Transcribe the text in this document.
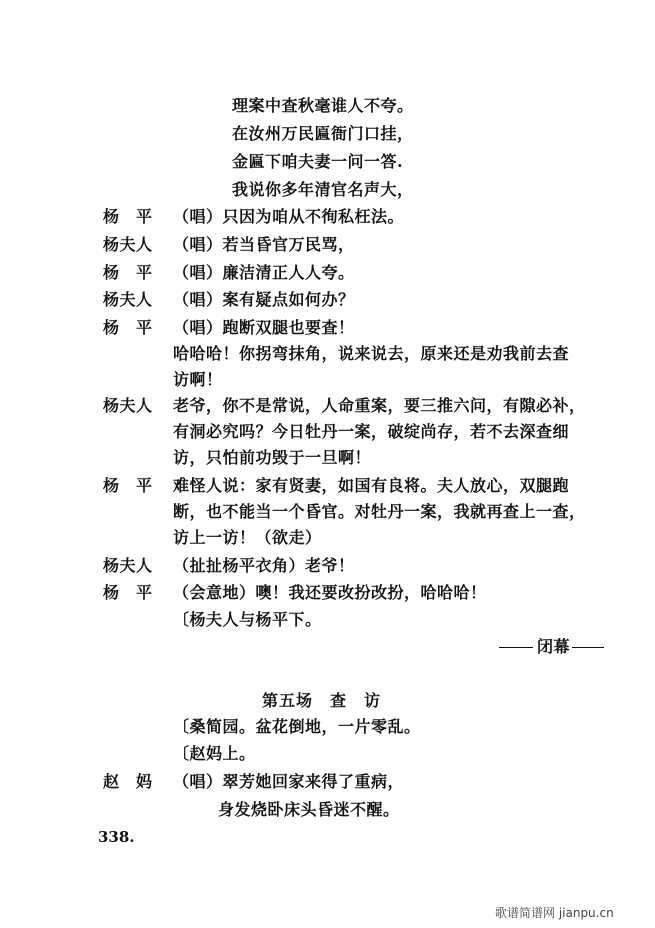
理案中查秋毫谁人不夸。
在汝州万民匾衙门口挂，
金匾下咱夫妻一问一答.
我说你多年清官名声大，
杨　平 （唱）只因为咱从不徇私枉法。
杨夫人 （唱）若当昏官万民骂，
杨　平 （唱）廉洁清正人人夸。
杨夫人 （唱）案有疑点如何办？
杨　平 （唱）跑断双腿也要查！
哈哈哈！你拐弯抹角，说来说去，原来还是劝我前去查
访啊！
杨夫人 老爷，你不是常说，人命重案，要三推六问，有隙必补，
有洞必究吗？今日牡丹一案，破绽尚存，若不去深查细
访，只怕前功毁于一旦啊！
杨　平 难怪人说：家有贤妻，如国有良将。夫人放心，双腿跑
断，也不能当一个昏官。对牡丹一案，我就再查上一查，
访上一访！（欲走）
杨夫人 （扯扯杨平衣角）老爷！
杨　平 （会意地）噢！我还要改扮改扮，哈哈哈！
〔杨夫人与杨平下。
闭幕
第五场　查　访
〔桑简园。盆花倒地，一片零乱。
〔赵妈上。
赵　妈 （唱）翠芳她回家来得了重病，
身发烧卧床头昏迷不醒。
338.
歌谱简谱网 jianpu.cn
